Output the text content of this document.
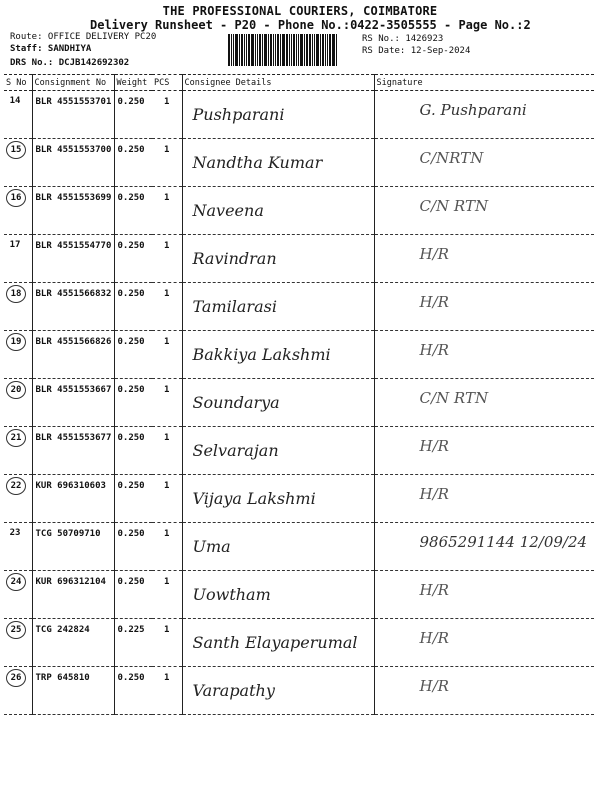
THE PROFESSIONAL COURIERS, COIMBATORE
Delivery Runsheet - P20 - Phone No.:0422-3505555 - Page No.:2
Route: OFFICE DELIVERY PC20
Staff: SANDHIYA
DRS No.: DCJB142692302
RS No.: 1426923
RS Date: 12-Sep-2024
S No	Consignment No	Weight	PCS	Consignee Details	Signature
14	BLR 4551553701	0.250	1	Pushparani	G. Pushparani

15	BLR 4551553700	0.250	1	Nandtha Kumar	C/NRTN

16	BLR 4551553699	0.250	1	Naveena	C/N RTN

17	BLR 4551554770	0.250	1	Ravindran	H/R

18	BLR 4551566832	0.250	1	Tamilarasi	H/R

19	BLR 4551566826	0.250	1	Bakkiya Lakshmi	H/R

20	BLR 4551553667	0.250	1	Soundarya	C/N RTN

21	BLR 4551553677	0.250	1	Selvarajan	H/R

22	KUR 696310603	0.250	1	Vijaya Lakshmi	H/R

23	TCG 50709710	0.250	1	Uma	9865291144 12/09/24

24	KUR 696312104	0.250	1	Uowtham	H/R

25	TCG 242824	0.225	1	Santh Elayaperumal	H/R

26	TRP 645810	0.250	1	Varapathy	H/R
